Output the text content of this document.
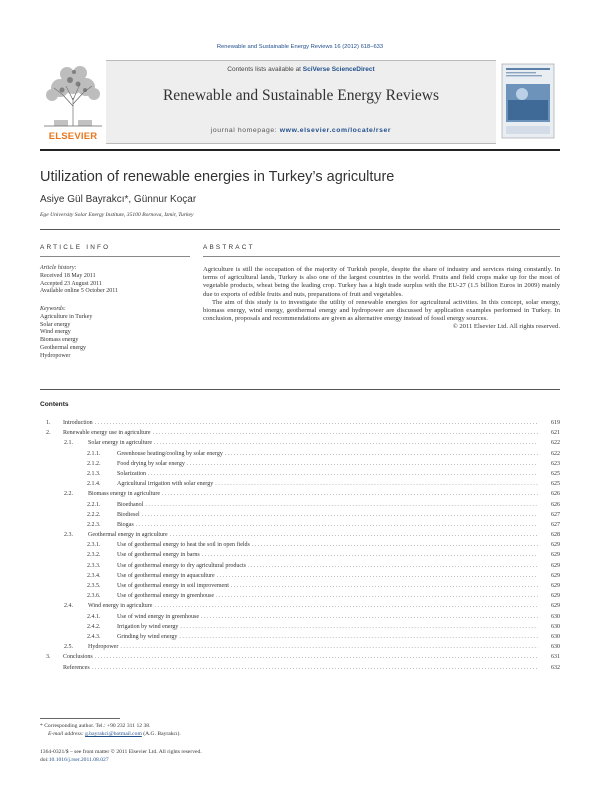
Renewable and Sustainable Energy Reviews 16 (2012) 618–633
ELSEVIER
Contents lists available at SciVerse ScienceDirect
Renewable and Sustainable Energy Reviews
journal homepage: www.elsevier.com/locate/rser
Utilization of renewable energies in Turkey’s agriculture
Asiye Gül Bayrakcı*, Günnur Koçar
Ege University Solar Energy Institute, 35100 Bornova, Izmir, Turkey
ARTICLE INFO	ABSTRACT
Article history:
Received 18 May 2011
Accepted 23 August 2011
Available online 5 October 2011
Keywords:
Agriculture in Turkey
Solar energy
Wind energy
Biomass energy
Geothermal energy
Hydropower

Agriculture is still the occupation of the majority of Turkish people, despite the share of industry and services rising constantly. In terms of agricultural lands, Turkey is also one of the largest countries in the world. Fruits and field crops make up for the most of vegetable products, wheat being the leading crop. Turkey has a high trade surplus with the EU-27 (1.5 billion Euros in 2009) mainly due to exports of edible fruits and nuts, preparations of fruit and vegetables.

The aim of this study is to investigate the utility of renewable energies for agricultural activities. In this concept, solar energy, biomass energy, wind energy, geothermal energy and hydropower are discussed by application examples performed in Turkey. In conclusion, proposals and recommendations are given as alternative energy instead of fossil energy sources.

© 2011 Elsevier Ltd. All rights reserved.
Contents
1.	Introduction . . .	619
2.	Renewable energy use in agriculture . . .	621
2.1.	Solar energy in agriculture . . .	622
2.1.1.	Greenhouse heating/cooling by solar energy . . .	622
2.1.2.	Food drying by solar energy . . .	623
2.1.3.	Solarization . . .	625
2.1.4.	Agricultural irrigation with solar energy . . .	625
2.2.	Biomass energy in agriculture . . .	626
2.2.1.	Bioethanol . . .	626
2.2.2.	Biodiesel . . .	627
2.2.3.	Biogas . . .	627
2.3.	Geothermal energy in agriculture . . .	628
2.3.1.	Use of geothermal energy to heat the soil in open fields . . .	629
2.3.2.	Use of geothermal energy in barns . . .	629
2.3.3.	Use of geothermal energy to dry agricultural products . . .	629
2.3.4.	Use of geothermal energy in aquaculture . . .	629
2.3.5.	Use of geothermal energy in soil improvement . . .	629
2.3.6.	Use of geothermal energy in greenhouse . . .	629
2.4.	Wind energy in agriculture . . .	629
2.4.1.	Use of wind energy in greenhouse . . .	630
2.4.2.	Irrigation by wind energy . . .	630
2.4.3.	Grinding by wind energy . . .	630
2.5.	Hydropower . . .	630
3.	Conclusions . . .	631
References . . .	632
* Corresponding author. Tel.: +90 232 311 12 38.
E-mail address: g.bayrakci@hotmail.com (A.G. Bayrakcı).
1364-0321/$ – see front matter © 2011 Elsevier Ltd. All rights reserved.
doi:10.1016/j.rser.2011.08.027
